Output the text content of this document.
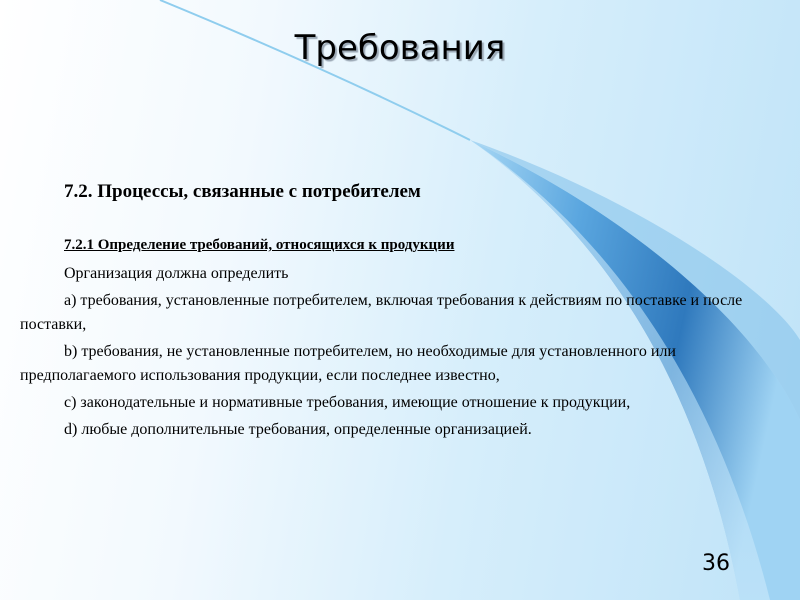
Требования

7.2. Процессы, связанные с потребителем

7.2.1 Определение требований, относящихся к продукции

Организация должна определить

a) требования, установленные потребителем, включая требования к действиям по поставке и после поставки,

b) требования, не установленные потребителем, но необходимые для установленного или предполагаемого использования продукции, если последнее известно,

c) законодательные и нормативные требования, имеющие отношение к продукции,

d) любые дополнительные требования, определенные организацией.

36
